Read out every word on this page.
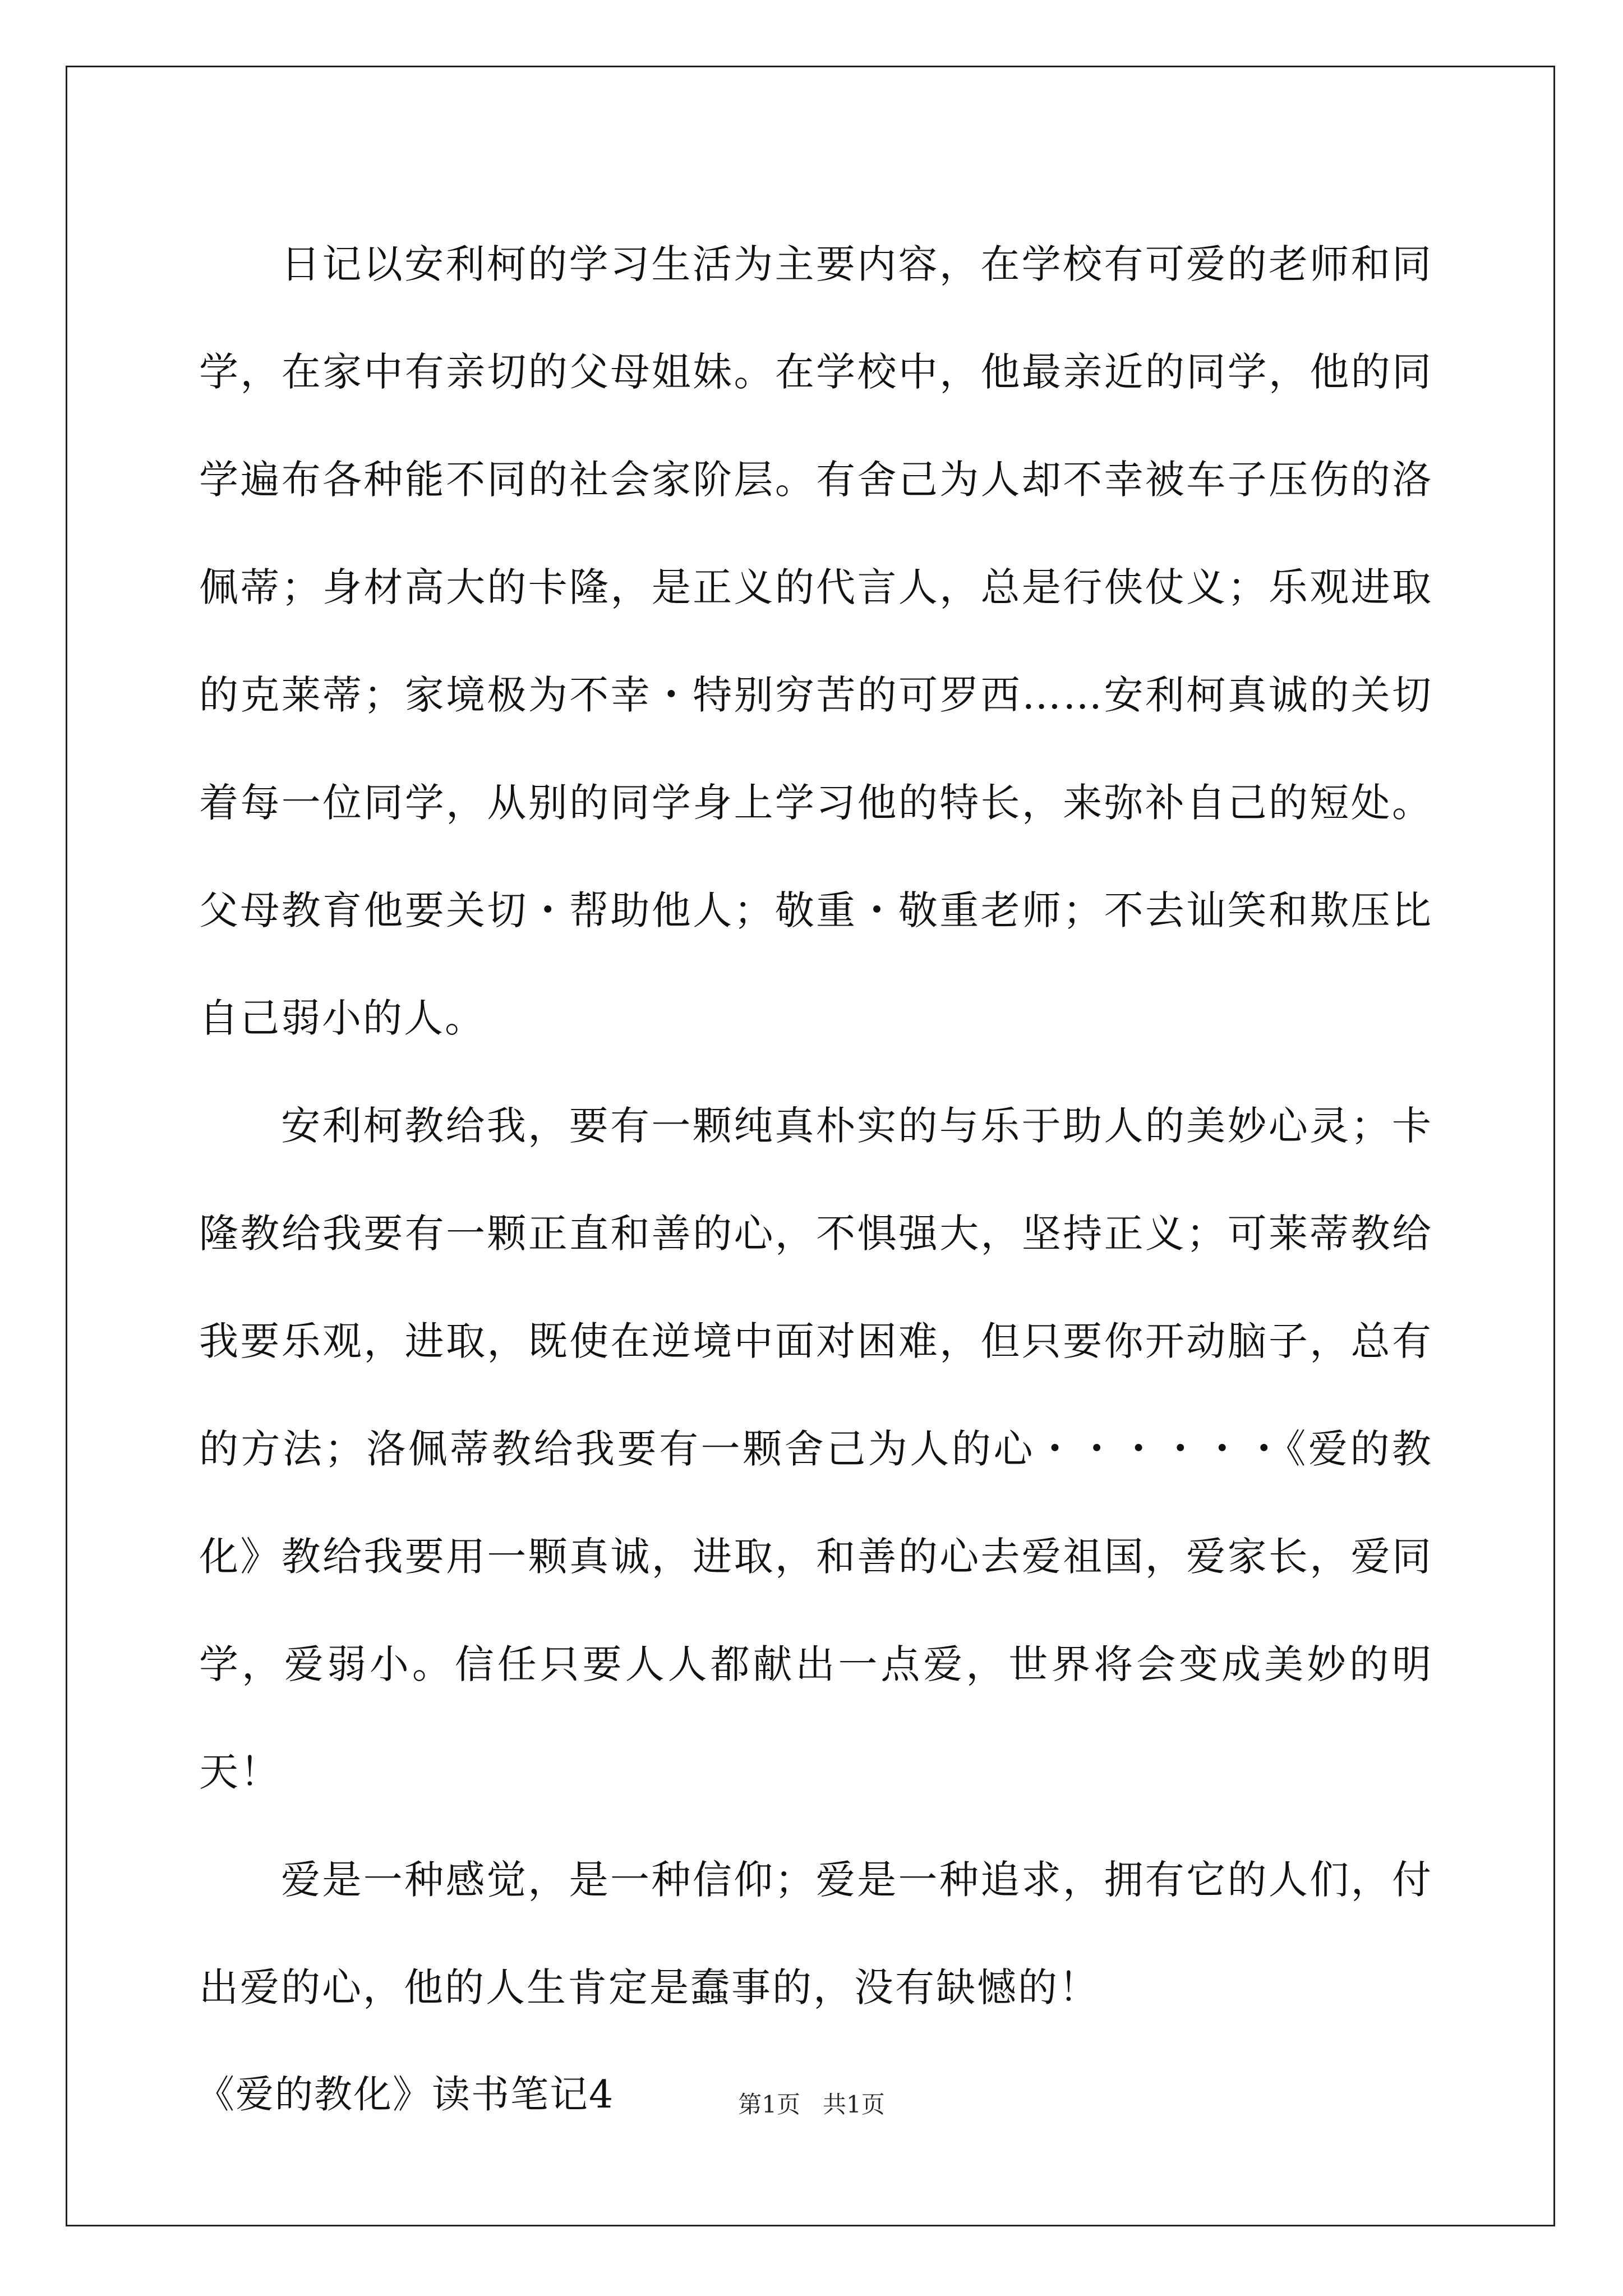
日记以安利柯的学习生活为主要内容，在学校有可爱的老师和同学，在家中有亲切的父母姐妹。在学校中，他最亲近的同学，他的同学遍布各种能不同的社会家阶层。有舍己为人却不幸被车子压伤的洛佩蒂；身材高大的卡隆，是正义的代言人，总是行侠仗义；乐观进取的克莱蒂；家境极为不幸・特别穷苦的可罗西……安利柯真诚的关切着每一位同学，从别的同学身上学习他的特长，来弥补自己的短处。父母教育他要关切・帮助他人；敬重・敬重老师；不去讪笑和欺压比自己弱小的人。

安利柯教给我，要有一颗纯真朴实的与乐于助人的美妙心灵；卡隆教给我要有一颗正直和善的心，不惧强大，坚持正义；可莱蒂教给我要乐观，进取，既使在逆境中面对困难，但只要你开动脑子，总有的方法；洛佩蒂教给我要有一颗舍己为人的心・・・・・・《爱的教化》教给我要用一颗真诚，进取，和善的心去爱祖国，爱家长，爱同学，爱弱小。信任只要人人都献出一点爱，世界将会变成美妙的明天！

爱是一种感觉，是一种信仰；爱是一种追求，拥有它的人们，付出爱的心，他的人生肯定是蠢事的，没有缺憾的！

《爱的教化》读书笔记4	第1页 共1页
